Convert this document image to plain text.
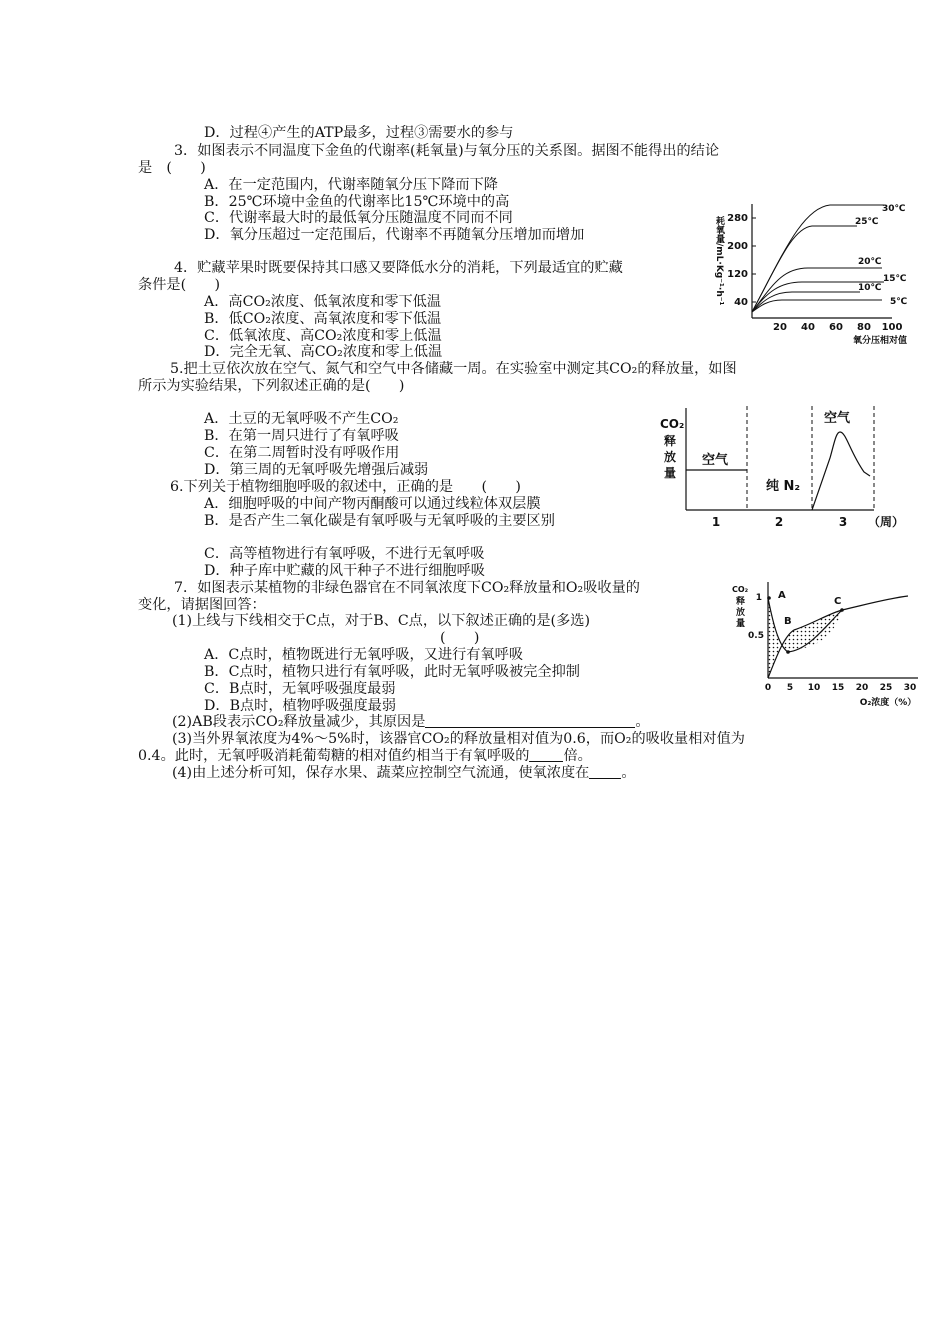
D．过程④产生的ATP最多，过程③需要水的参与
3．如图表示不同温度下金鱼的代谢率(耗氧量)与氧分压的关系图。据图不能得出的结论
是　(　　)
A．在一定范围内，代谢率随氧分压下降而下降
B．25℃环境中金鱼的代谢率比15℃环境中的高
C．代谢率最大时的最低氧分压随温度不同而不同
D．氧分压超过一定范围后，代谢率不再随氧分压增加而增加
4．贮藏苹果时既要保持其口感又要降低水分的消耗，下列最适宜的贮藏
条件是(　　)
A．高CO₂浓度、低氧浓度和零下低温
B．低CO₂浓度、高氧浓度和零下低温
C．低氧浓度、高CO₂浓度和零上低温
D．完全无氧、高CO₂浓度和零上低温
5.把土豆依次放在空气、氮气和空气中各储藏一周。在实验室中测定其CO₂的释放量，如图
所示为实验结果，下列叙述正确的是(　　)
A．土豆的无氧呼吸不产生CO₂
B．在第一周只进行了有氧呼吸
C．在第二周暂时没有呼吸作用
D．第三周的无氧呼吸先增强后减弱
6.下列关于植物细胞呼吸的叙述中，正确的是　　(　　)
A．细胞呼吸的中间产物丙酮酸可以通过线粒体双层膜
B．是否产生二氧化碳是有氧呼吸与无氧呼吸的主要区别
C．高等植物进行有氧呼吸，不进行无氧呼吸
D．种子库中贮藏的风干种子不进行细胞呼吸
7．如图表示某植物的非绿色器官在不同氧浓度下CO₂释放量和O₂吸收量的
变化，请据图回答：
(1)上线与下线相交于C点，对于B、C点，以下叙述正确的是(多选)
(　　)
A．C点时，植物既进行无氧呼吸，又进行有氧呼吸
B．C点时，植物只进行有氧呼吸，此时无氧呼吸被完全抑制
C．B点时，无氧呼吸强度最弱
D．B点时，植物呼吸强度最弱
(2)AB段表示CO₂释放量减少，其原因是	。
(3)当外界氧浓度为4%～5%时，该器官CO₂的释放量相对值为0.6，而O₂的吸收量相对值为
0.4。此时，无氧呼吸消耗葡萄糖的相对值约相当于有氧呼吸的 倍。
(4)由上述分析可知，保存水果、蔬菜应控制空气流通，使氧浓度在 。
耗氧量/mL·Kg⁻¹·h⁻¹ 280
200
120
40
20 40 60 80 100
氧分压相对值
30℃
25℃
20℃
15℃
10℃
5℃
CO₂
释
放
量
空气
纯 N₂
空气
1	2	3 （周）
CO₂
释
放
量
1
0.5
A
B
C
0 5 10 15 20 25 30
O₂浓度（%）
